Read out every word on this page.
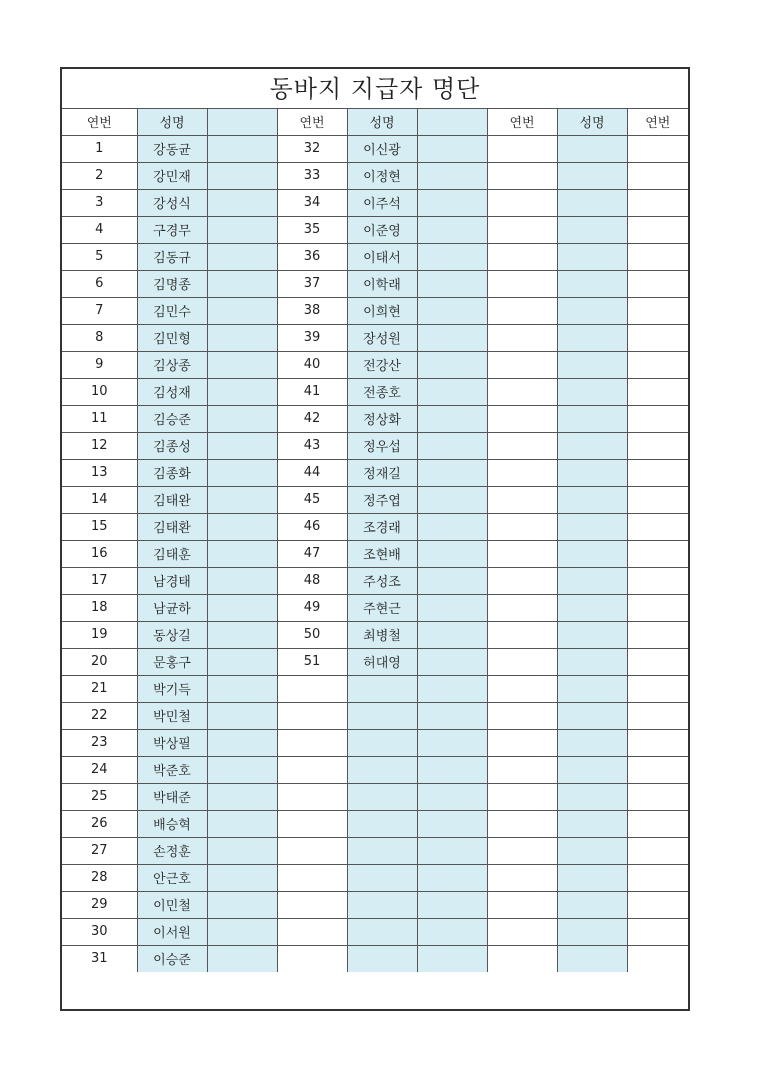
동바지 지급자 명단
연번	성명		연번	성명		연번	성명	연번
1	강동균		32	이신광				
2	강민재		33	이정현				
3	강성식		34	이주석				
4	구경무		35	이준영				
5	김동규		36	이태서				
6	김명종		37	이학래				
7	김민수		38	이희현				
8	김민형		39	장성원				
9	김상종		40	전강산				
10	김성재		41	전종호				
11	김승준		42	정상화				
12	김종성		43	정우섭				
13	김종화		44	정재길				
14	김태완		45	정주엽				
15	김태환		46	조경래				
16	김태훈		47	조현배				
17	남경태		48	주성조				
18	남균하		49	주현근				
19	동상길		50	최병철				
20	문홍구		51	허대영				
21	박기득							
22	박민철							
23	박상필							
24	박준호							
25	박태준							
26	배승혁							
27	손정훈							
28	안근호							
29	이민철							
30	이서원							
31	이승준							
